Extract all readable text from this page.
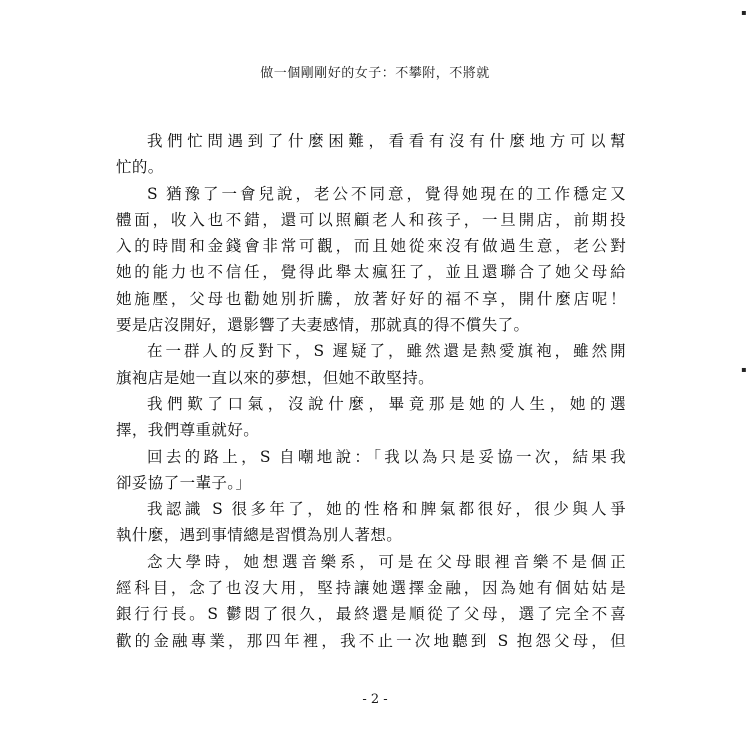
做一個剛剛好的女子：不攀附，不將就
我們忙問遇到了什麼困難，看看有沒有什麼地方可以幫
忙的。
S 猶豫了一會兒說，老公不同意，覺得她現在的工作穩定又
體面，收入也不錯，還可以照顧老人和孩子，一旦開店，前期投
入的時間和金錢會非常可觀，而且她從來沒有做過生意，老公對
她的能力也不信任，覺得此舉太瘋狂了，並且還聯合了她父母給
她施壓，父母也勸她別折騰，放著好好的福不享，開什麼店呢！
要是店沒開好，還影響了夫妻感情，那就真的得不償失了。
在一群人的反對下，S 遲疑了，雖然還是熱愛旗袍，雖然開
旗袍店是她一直以來的夢想，但她不敢堅持。
我們歎了口氣，沒說什麼，畢竟那是她的人生，她的選
擇，我們尊重就好。
回去的路上，S 自嘲地說：「我以為只是妥協一次，結果我
卻妥協了一輩子。」
我認識 S 很多年了，她的性格和脾氣都很好，很少與人爭
執什麼，遇到事情總是習慣為別人著想。
念大學時，她想選音樂系，可是在父母眼裡音樂不是個正
經科目，念了也沒大用，堅持讓她選擇金融，因為她有個姑姑是
銀行行長。S 鬱悶了很久，最終還是順從了父母，選了完全不喜
歡的金融專業，那四年裡，我不止一次地聽到 S 抱怨父母，但
- 2 -
▪
▪
